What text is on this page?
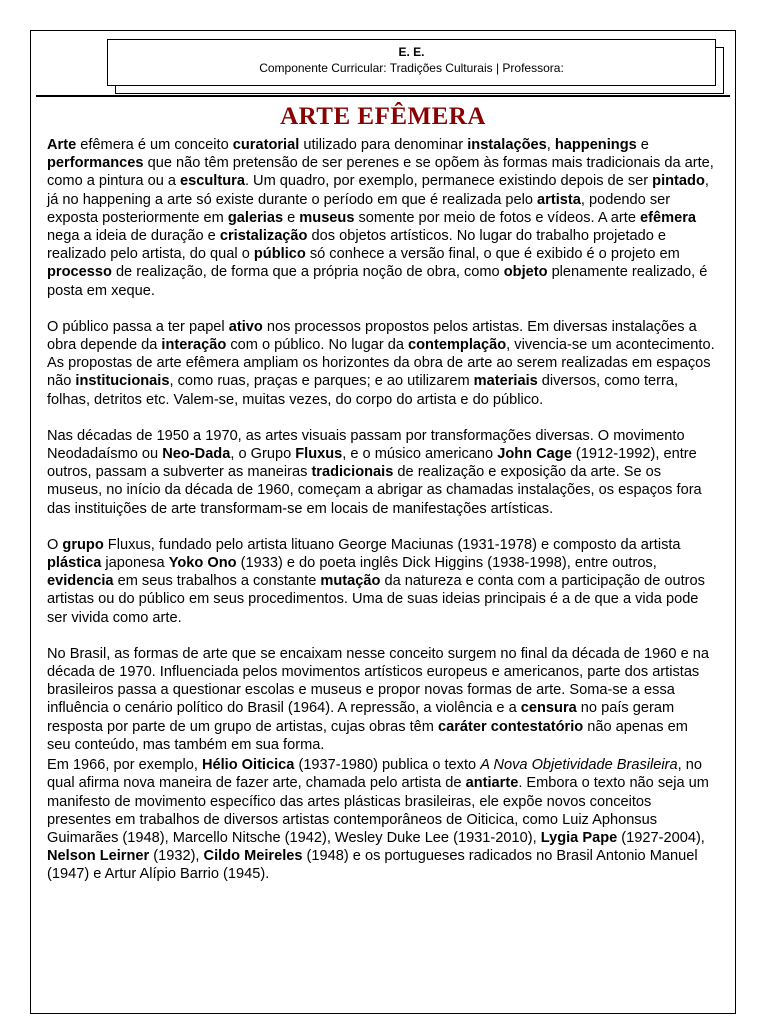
E. E.
Componente Curricular: Tradições Culturais | Professora:
ARTE EFÊMERA

Arte efêmera é um conceito curatorial utilizado para denominar instalações, happenings e performances que não têm pretensão de ser perenes e se opõem às formas mais tradicionais da arte, como a pintura ou a escultura. Um quadro, por exemplo, permanece existindo depois de ser pintado, já no happening a arte só existe durante o período em que é realizada pelo artista, podendo ser exposta posteriormente em galerias e museus somente por meio de fotos e vídeos. A arte efêmera nega a ideia de duração e cristalização dos objetos artísticos. No lugar do trabalho projetado e realizado pelo artista, do qual o público só conhece a versão final, o que é exibido é o projeto em processo de realização, de forma que a própria noção de obra, como objeto plenamente realizado, é posta em xeque.

O público passa a ter papel ativo nos processos propostos pelos artistas. Em diversas instalações a obra depende da interação com o público. No lugar da contemplação, vivencia-se um acontecimento. As propostas de arte efêmera ampliam os horizontes da obra de arte ao serem realizadas em espaços não institucionais, como ruas, praças e parques; e ao utilizarem materiais diversos, como terra, folhas, detritos etc. Valem-se, muitas vezes, do corpo do artista e do público.

Nas décadas de 1950 a 1970, as artes visuais passam por transformações diversas. O movimento Neodadaísmo ou Neo-Dada, o Grupo Fluxus, e o músico americano John Cage (1912-1992), entre outros, passam a subverter as maneiras tradicionais de realização e exposição da arte. Se os museus, no início da década de 1960, começam a abrigar as chamadas instalações, os espaços fora das instituições de arte transformam-se em locais de manifestações artísticas.

O grupo Fluxus, fundado pelo artista lituano George Maciunas (1931-1978) e composto da artista plástica japonesa Yoko Ono (1933) e do poeta inglês Dick Higgins (1938-1998), entre outros, evidencia em seus trabalhos a constante mutação da natureza e conta com a participação de outros artistas ou do público em seus procedimentos. Uma de suas ideias principais é a de que a vida pode ser vivida como arte.

No Brasil, as formas de arte que se encaixam nesse conceito surgem no final da década de 1960 e na década de 1970. Influenciada pelos movimentos artísticos europeus e americanos, parte dos artistas brasileiros passa a questionar escolas e museus e propor novas formas de arte. Soma-se a essa influência o cenário político do Brasil (1964). A repressão, a violência e a censura no país geram resposta por parte de um grupo de artistas, cujas obras têm caráter contestatório não apenas em seu conteúdo, mas também em sua forma.

Em 1966, por exemplo, Hélio Oiticica (1937-1980) publica o texto A Nova Objetividade Brasileira, no qual afirma nova maneira de fazer arte, chamada pelo artista de antiarte. Embora o texto não seja um manifesto de movimento específico das artes plásticas brasileiras, ele expõe novos conceitos presentes em trabalhos de diversos artistas contemporâneos de Oiticica, como Luiz Aphonsus Guimarães (1948), Marcello Nitsche (1942), Wesley Duke Lee (1931-2010), Lygia Pape (1927-2004), Nelson Leirner (1932), Cildo Meireles (1948) e os portugueses radicados no Brasil Antonio Manuel (1947) e Artur Alípio Barrio (1945).
